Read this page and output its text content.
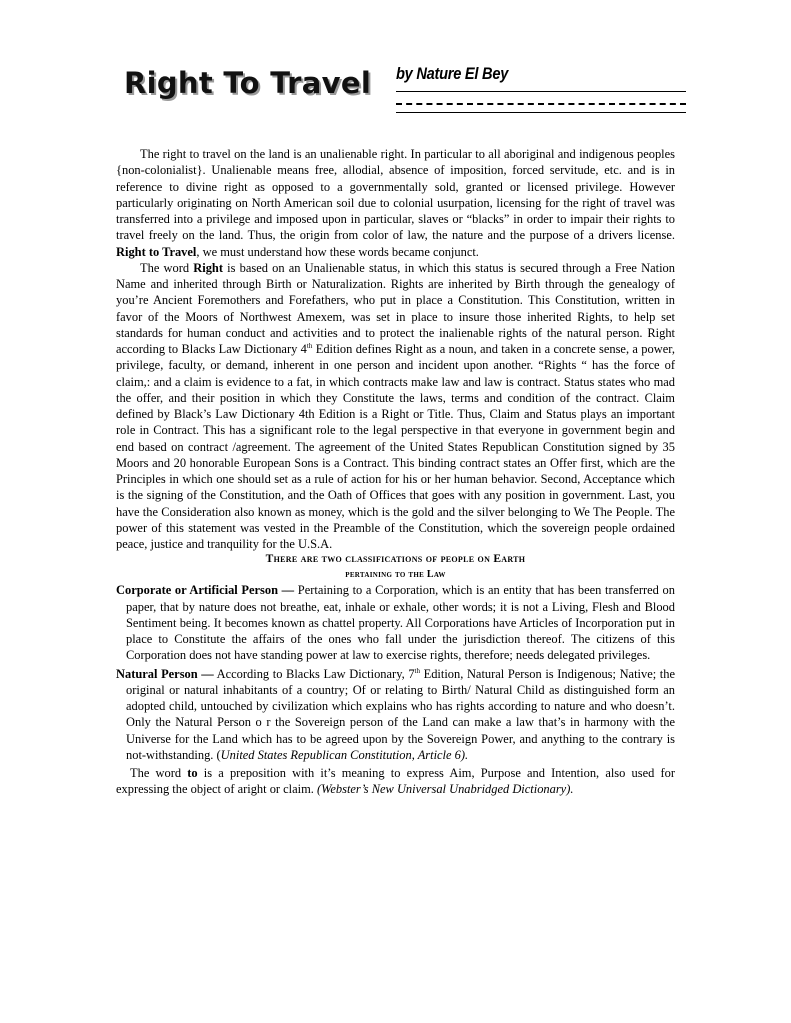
Right To Travel by Nature El Bey

The right to travel on the land is an unalienable right. In particular to all aboriginal and indigenous peoples {non-colonialist}. Unalienable means free, allodial, absence of imposition, forced servitude, etc. and is in reference to divine right as opposed to a governmentally sold, granted or licensed privilege. However particularly originating on North American soil due to colonial usurpation, licensing for the right of travel was transferred into a privilege and imposed upon in particular, slaves or “blacks” in order to impair their rights to travel freely on the land. Thus, the origin from color of law, the nature and the purpose of a drivers license. Right to Travel, we must understand how these words became conjunct.

The word Right is based on an Unalienable status, in which this status is secured through a Free Nation Name and inherited through Birth or Naturalization. Rights are inherited by Birth through the genealogy of you’re Ancient Foremothers and Forefathers, who put in place a Constitution. This Constitution, written in favor of the Moors of Northwest Amexem, was set in place to insure those inherited Rights, to help set standards for human conduct and activities and to protect the inalienable rights of the natural person. Right according to Blacks Law Dictionary 4th Edition defines Right as a noun, and taken in a concrete sense, a power, privilege, faculty, or demand, inherent in one person and incident upon another. “Rights “ has the force of claim,: and a claim is evidence to a fat, in which contracts make law and law is contract. Status states who mad the offer, and their position in which they Constitute the laws, terms and condition of the contract. Claim defined by Black’s Law Dictionary 4th Edition is a Right or Title. Thus, Claim and Status plays an important role in Contract. This has a significant role to the legal perspective in that everyone in government begin and end based on contract /agreement. The agreement of the United States Republican Constitution signed by 35 Moors and 20 honorable European Sons is a Contract. This binding contract states an Offer first, which are the Principles in which one should set as a rule of action for his or her human behavior. Second, Acceptance which is the signing of the Constitution, and the Oath of Offices that goes with any position in government. Last, you have the Consideration also known as money, which is the gold and the silver belonging to We The People. The power of this statement was vested in the Preamble of the Constitution, which the sovereign people ordained peace, justice and tranquility for the U.S.A.

There are two classifications of people on Earth

pertaining to the Law

Corporate or Artificial Person — Pertaining to a Corporation, which is an entity that has been transferred on paper, that by nature does not breathe, eat, inhale or exhale, other words; it is not a Living, Flesh and Blood Sentiment being. It becomes known as chattel property. All Corporations have Articles of Incorporation put in place to Constitute the affairs of the ones who fall under the jurisdiction thereof. The citizens of this Corporation does not have standing power at law to exercise rights, therefore; needs delegated privileges.

Natural Person — According to Blacks Law Dictionary, 7th Edition, Natural Person is Indigenous; Native; the original or natural inhabitants of a country; Of or relating to Birth/ Natural Child as distinguished form an adopted child, untouched by civilization which explains who has rights according to nature and who doesn’t. Only the Natural Person o r the Sovereign person of the Land can make a law that’s in harmony with the Universe for the Land which has to be agreed upon by the Sovereign Power, and anything to the contrary is not-withstanding. (United States Republican Constitution, Article 6).

The word to is a preposition with it’s meaning to express Aim, Purpose and Intention, also used for expressing the object of aright or claim. (Webster’s New Universal Unabridged Dictionary).
